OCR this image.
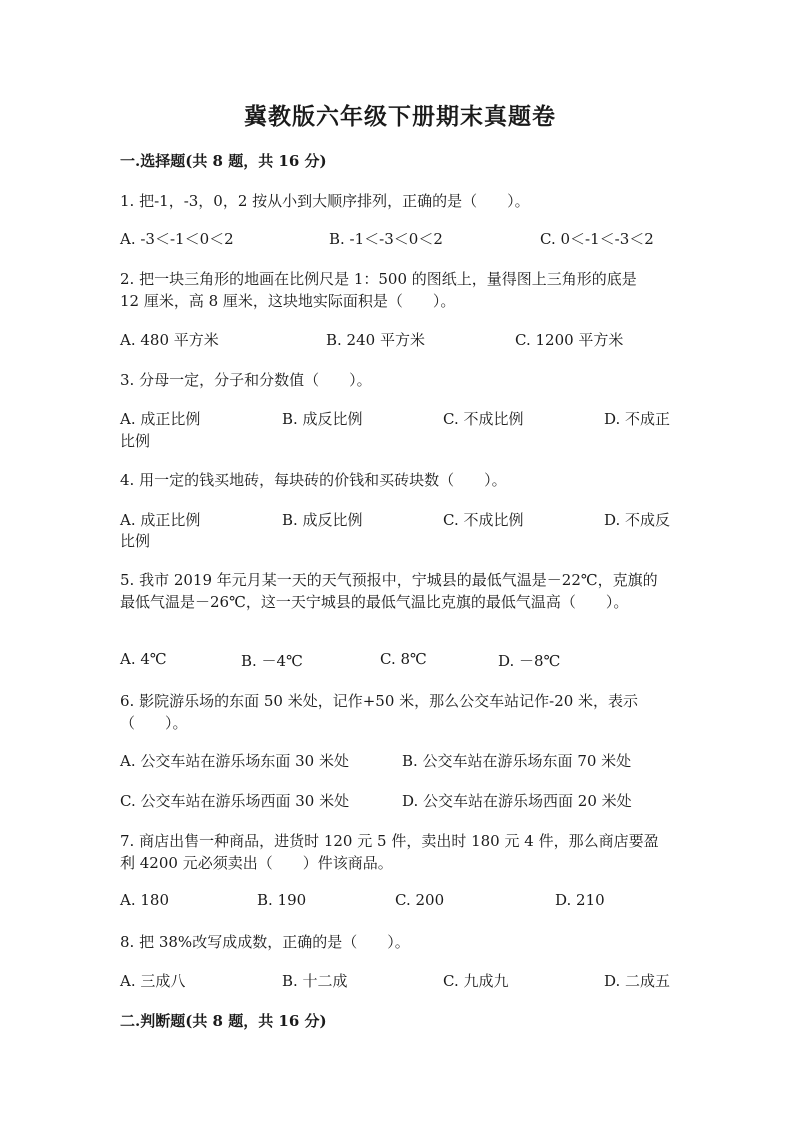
冀教版六年级下册期末真题卷
一.选择题(共 8 题，共 16 分)
1. 把-1，-3，0，2 按从小到大顺序排列，正确的是（　　）。
A. -3＜-1＜0＜2	B. -1＜-3＜0＜2	C. 0＜-1＜-3＜2
2. 把一块三角形的地画在比例尺是 1：500 的图纸上，量得图上三角形的底是
12 厘米，高 8 厘米，这块地实际面积是（　　）。
A. 480 平方米	B. 240 平方米	C. 1200 平方米
3. 分母一定，分子和分数值（　　）。
A. 成正比例	B. 成反比例	C. 不成比例	D. 不成正
比例
4. 用一定的钱买地砖，每块砖的价钱和买砖块数（　　）。
A. 成正比例	B. 成反比例	C. 不成比例	D. 不成反
比例
5. 我市 2019 年元月某一天的天气预报中，宁城县的最低气温是－22℃，克旗的
最低气温是－26℃，这一天宁城县的最低气温比克旗的最低气温高（　　）。
A. 4℃	B. －4℃	C. 8℃	D. －8℃
6. 影院游乐场的东面 50 米处，记作+50 米，那么公交车站记作-20 米，表示
（　　）。
A. 公交车站在游乐场东面 30 米处	B. 公交车站在游乐场东面 70 米处
C. 公交车站在游乐场西面 30 米处	D. 公交车站在游乐场西面 20 米处
7. 商店出售一种商品，进货时 120 元 5 件，卖出时 180 元 4 件，那么商店要盈
利 4200 元必须卖出（　　）件该商品。
A. 180	B. 190	C. 200	D. 210
8. 把 38%改写成成数，正确的是（　　）。
A. 三成八	B. 十二成	C. 九成九	D. 二成五
二.判断题(共 8 题，共 16 分)
